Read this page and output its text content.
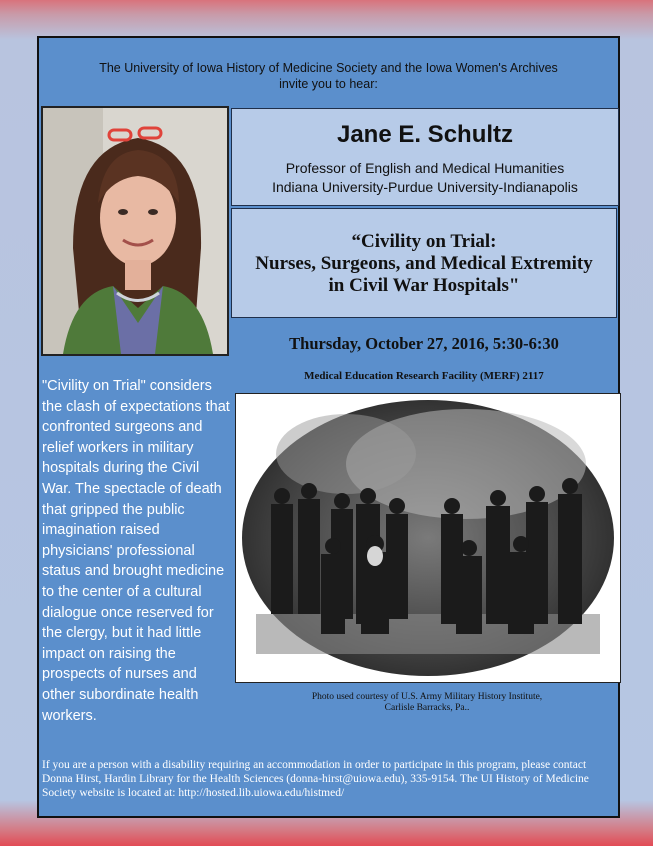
The University of Iowa History of Medicine Society and the Iowa Women's Archives
invite you to hear:
Jane E. Schultz
Professor of English and Medical Humanities
Indiana University-Purdue University-Indianapolis
“Civility on Trial:
Nurses, Surgeons, and Medical Extremity
in Civil War Hospitals"
Thursday, October 27, 2016, 5:30-6:30
Medical Education Research Facility (MERF) 2117
"Civility on Trial" considers the clash of expectations that confronted surgeons and relief workers in military hospitals during the Civil War. The spectacle of death that gripped the public imagination raised physicians' professional status and brought medicine to the center of a cultural dialogue once reserved for the clergy, but it had little impact on raising the prospects of nurses and other subordinate health workers.
Photo used courtesy of U.S. Army Military History Institute,
Carlisle Barracks, Pa..
If you are a person with a disability requiring an accommodation in order to participate in this program, please contact Donna Hirst, Hardin Library for the Health Sciences (donna-hirst@uiowa.edu), 335-9154. The UI History of Medicine Society website is located at: http://hosted.lib.uiowa.edu/histmed/
